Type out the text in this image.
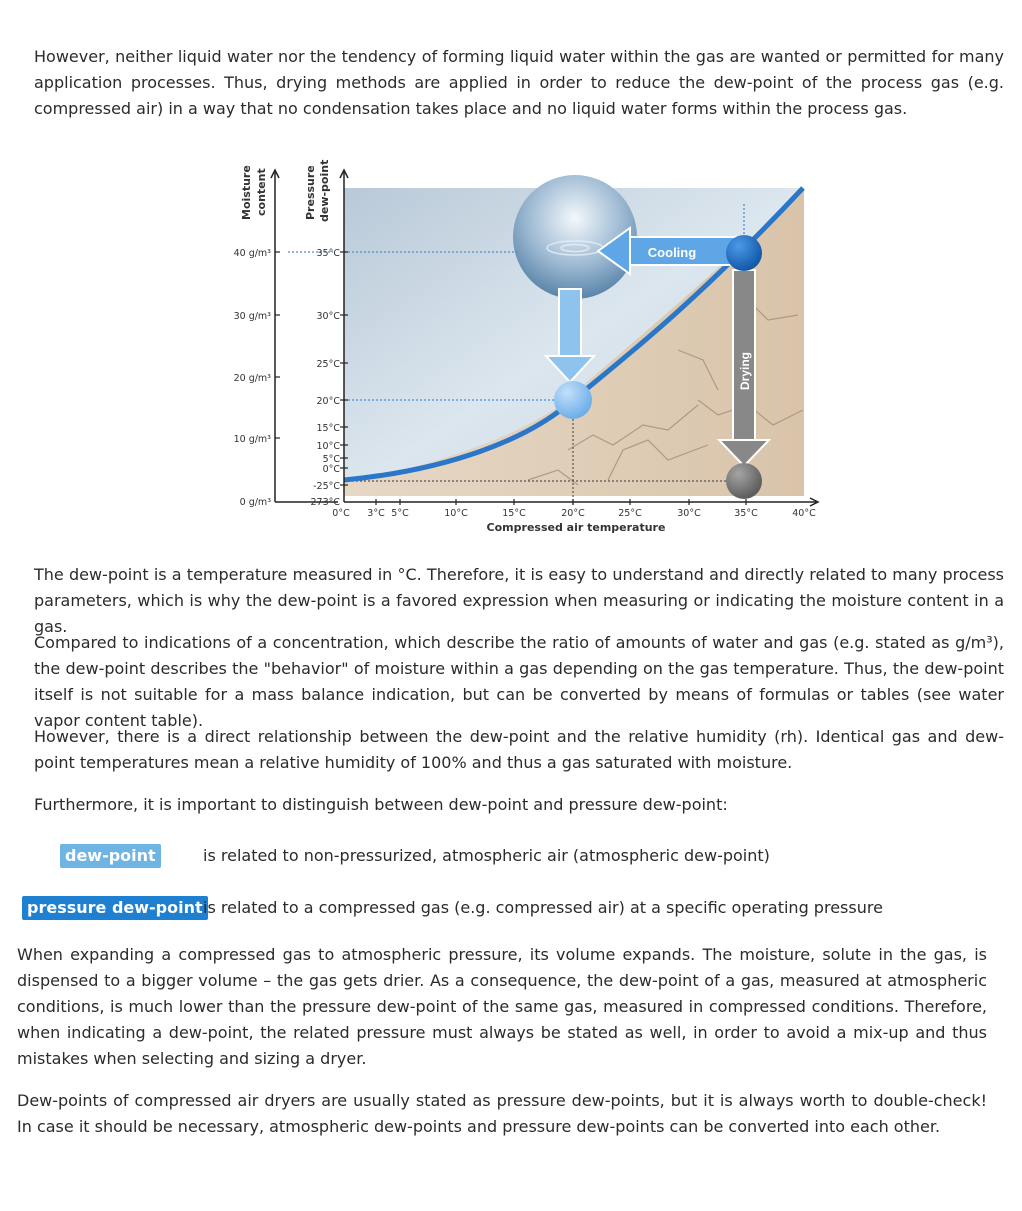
However, neither liquid water nor the tendency of forming liquid water within the gas are wanted or permitted for many application processes. Thus, drying methods are applied in order to reduce the dew-point of the process gas (e.g. compressed air) in a way that no condensation takes place and no liquid water forms within the process gas.

Cooling
Drying
Moisture content	Pressure dew-point
40 g/m³
30 g/m³
20 g/m³
10 g/m³
0 g/m³
35°C
30°C
25°C
20°C
15°C
10°C
5°C
0°C
-25°C
-273°C
0°C 3°C 5°C	10°C	15°C	20°C	25°C	30°C	35°C	40°C
Compressed air temperature

The dew-point is a temperature measured in °C. Therefore, it is easy to understand and directly related to many process parameters, which is why the dew-point is a favored expression when measuring or indicating the moisture content in a gas.

Compared to indications of a concentration, which describe the ratio of amounts of water and gas (e.g. stated as g/m³), the dew-point describes the "behavior" of moisture within a gas depending on the gas temperature. Thus, the dew-point itself is not suitable for a mass balance indication, but can be converted by means of formulas or tables (see water vapor content table).

However, there is a direct relationship between the dew-point and the relative humidity (rh). Identical gas and dew-point temperatures mean a relative humidity of 100% and thus a gas saturated with moisture.

Furthermore, it is important to distinguish between dew-point and pressure dew-point:

dew-point	is related to non-pressurized, atmospheric air (atmospheric dew-point)
pressure dew-point is related to a compressed gas (e.g. compressed air) at a specific operating pressure

When expanding a compressed gas to atmospheric pressure, its volume expands. The moisture, solute in the gas, is dispensed to a bigger volume – the gas gets drier. As a consequence, the dew-point of a gas, measured at atmospheric conditions, is much lower than the pressure dew-point of the same gas, measured in compressed conditions. Therefore, when indicating a dew-point, the related pressure must always be stated as well, in order to avoid a mix-up and thus mistakes when selecting and sizing a dryer.

Dew-points of compressed air dryers are usually stated as pressure dew-points, but it is always worth to double-check! In case it should be necessary, atmospheric dew-points and pressure dew-points can be converted into each other.
